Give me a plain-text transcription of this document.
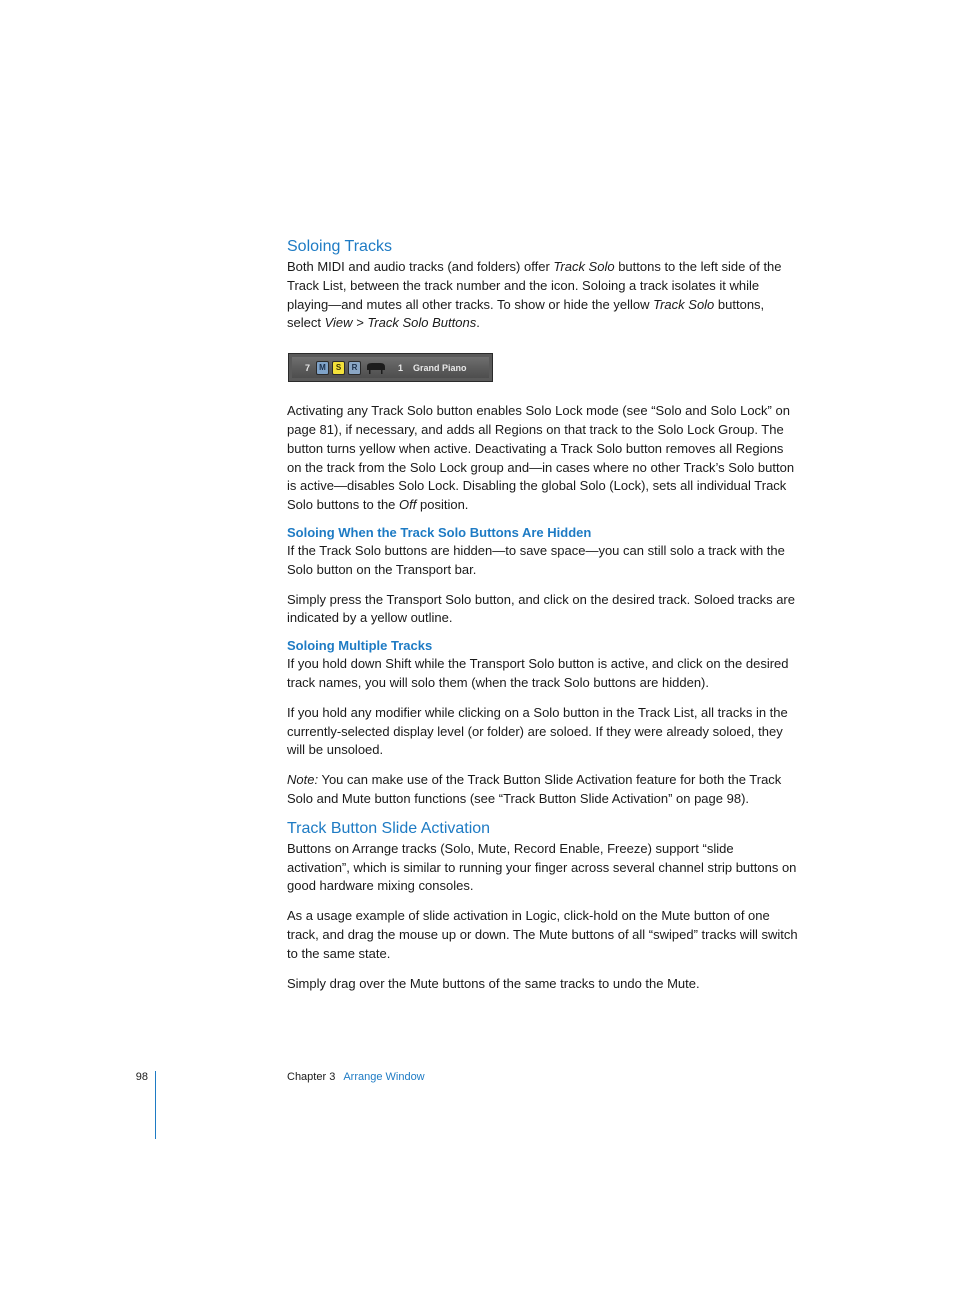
Soloing Tracks

Both MIDI and audio tracks (and folders) offer Track Solo buttons to the left side of the Track List, between the track number and the icon. Soloing a track isolates it while playing—and mutes all other tracks. To show or hide the yellow Track Solo buttons, select View > Track Solo Buttons.

7	M	S	R	1 Grand Piano

Activating any Track Solo button enables Solo Lock mode (see “Solo and Solo Lock” on page 81), if necessary, and adds all Regions on that track to the Solo Lock Group. The button turns yellow when active. Deactivating a Track Solo button removes all Regions on the track from the Solo Lock group and—in cases where no other Track’s Solo button is active—disables Solo Lock. Disabling the global Solo (Lock), sets all individual Track Solo buttons to the Off position.

Soloing When the Track Solo Buttons Are Hidden

If the Track Solo buttons are hidden—to save space—you can still solo a track with the Solo button on the Transport bar.

Simply press the Transport Solo button, and click on the desired track. Soloed tracks are indicated by a yellow outline.

Soloing Multiple Tracks

If you hold down Shift while the Transport Solo button is active, and click on the desired track names, you will solo them (when the track Solo buttons are hidden).

If you hold any modifier while clicking on a Solo button in the Track List, all tracks in the currently-selected display level (or folder) are soloed. If they were already soloed, they will be unsoloed.

Note: You can make use of the Track Button Slide Activation feature for both the Track Solo and Mute button functions (see “Track Button Slide Activation” on page 98).

Track Button Slide Activation

Buttons on Arrange tracks (Solo, Mute, Record Enable, Freeze) support “slide activation”, which is similar to running your finger across several channel strip buttons on good hardware mixing consoles.

As a usage example of slide activation in Logic, click-hold on the Mute button of one track, and drag the mouse up or down. The Mute buttons of all “swiped” tracks will switch to the same state.

Simply drag over the Mute buttons of the same tracks to undo the Mute.

98	Chapter 3 Arrange Window
